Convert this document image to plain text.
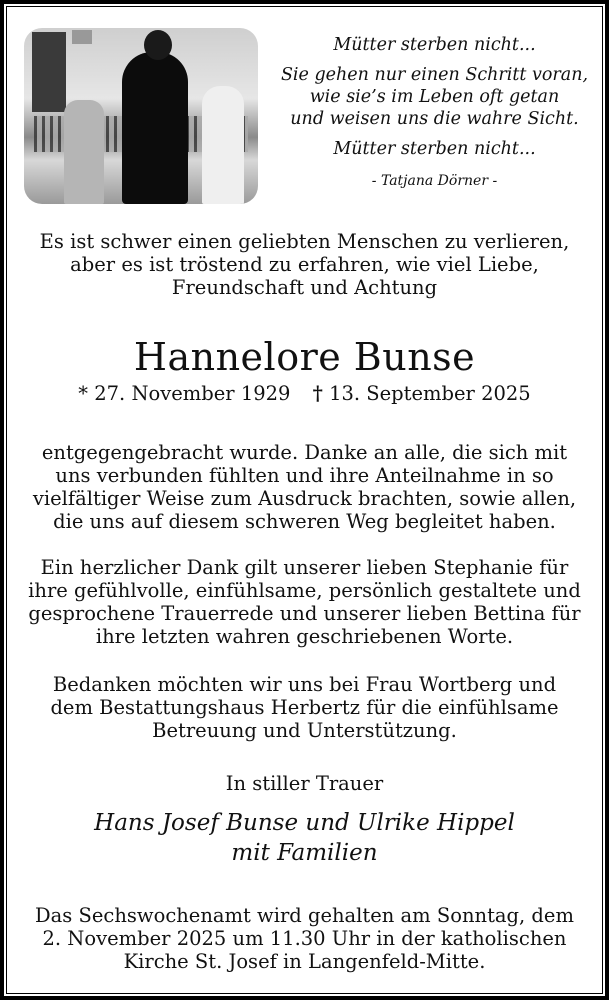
Mütter sterben nicht...

Sie gehen nur einen Schritt voran,

wie sie’s im Leben oft getan

und weisen uns die wahre Sicht.

Mütter sterben nicht...

- Tatjana Dörner -

Es ist schwer einen geliebten Menschen zu verlieren,

aber es ist tröstend zu erfahren, wie viel Liebe,

Freundschaft und Achtung

Hannelore Bunse
* 27. November 1929 † 13. September 2025

entgegengebracht wurde. Danke an alle, die sich mit

uns verbunden fühlten und ihre Anteilnahme in so

vielfältiger Weise zum Ausdruck brachten, sowie allen,

die uns auf diesem schweren Weg begleitet haben.

Ein herzlicher Dank gilt unserer lieben Stephanie für

ihre gefühlvolle, einfühlsame, persönlich gestaltete und

gesprochene Trauerrede und unserer lieben Bettina für

ihre letzten wahren geschriebenen Worte.

Bedanken möchten wir uns bei Frau Wortberg und

dem Bestattungshaus Herbertz für die einfühlsame

Betreuung und Unterstützung.

In stiller Trauer
Hans Josef Bunse und Ulrike Hippel
mit Familien

Das Sechswochenamt wird gehalten am Sonntag, dem

2. November 2025 um 11.30 Uhr in der katholischen

Kirche St. Josef in Langenfeld-Mitte.
